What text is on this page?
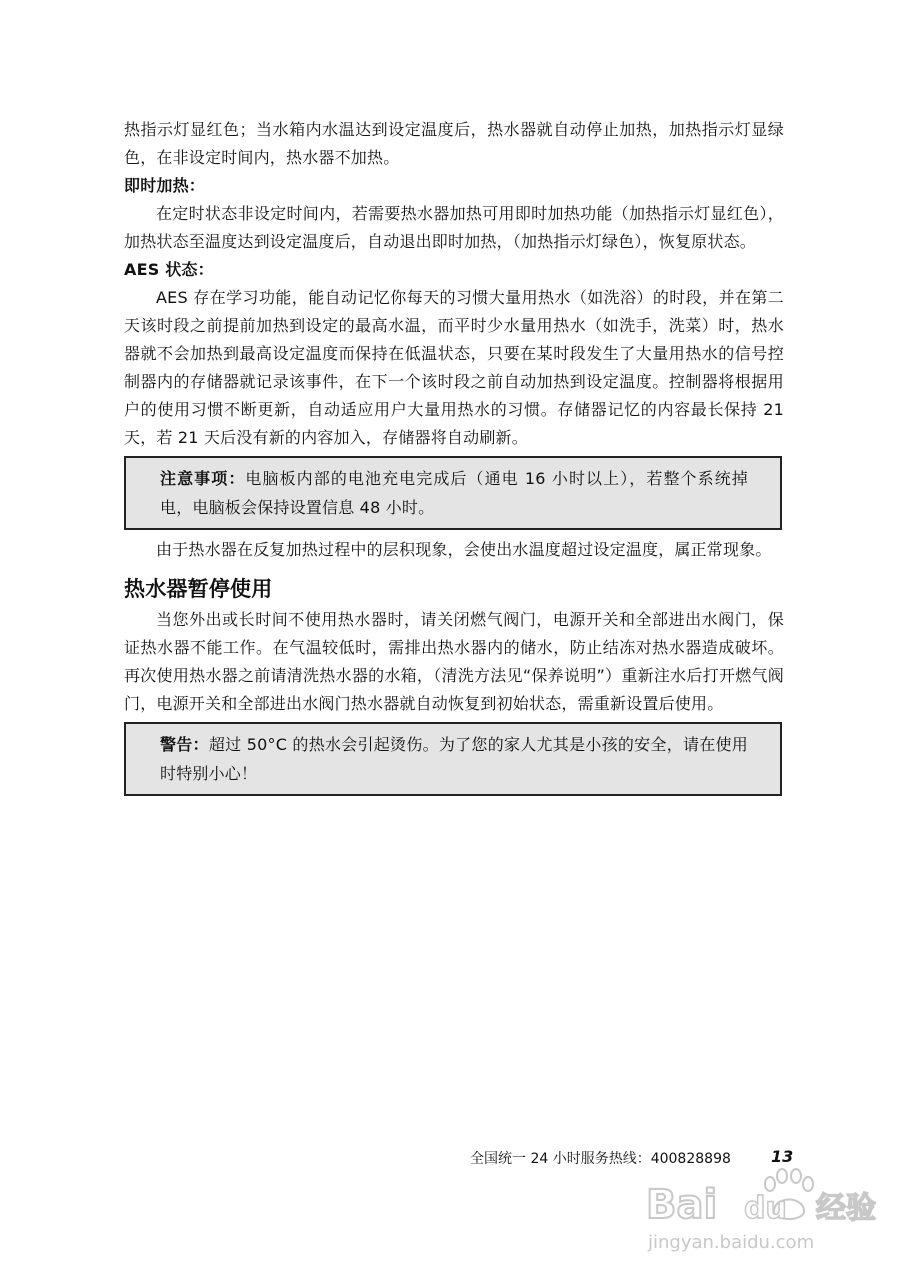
热指示灯显红色；当水箱内水温达到设定温度后，热水器就自动停止加热，加热指示灯显绿色，在非设定时间内，热水器不加热。

即时加热：

在定时状态非设定时间内，若需要热水器加热可用即时加热功能（加热指示灯显红色），加热状态至温度达到设定温度后，自动退出即时加热，（加热指示灯绿色），恢复原状态。

AES 状态：

AES 存在学习功能，能自动记忆你每天的习惯大量用热水（如洗浴）的时段，并在第二天该时段之前提前加热到设定的最高水温，而平时少水量用热水（如洗手，洗菜）时，热水器就不会加热到最高设定温度而保持在低温状态，只要在某时段发生了大量用热水的信号控制器内的存储器就记录该事件，在下一个该时段之前自动加热到设定温度。控制器将根据用户的使用习惯不断更新，自动适应用户大量用热水的习惯。存储器记忆的内容最长保持 21 天，若 21 天后没有新的内容加入，存储器将自动刷新。

注意事项：电脑板内部的电池充电完成后（通电 16 小时以上），若整个系统掉电，电脑板会保持设置信息 48 小时。

由于热水器在反复加热过程中的层积现象，会使出水温度超过设定温度，属正常现象。

热水器暂停使用

当您外出或长时间不使用热水器时，请关闭燃气阀门，电源开关和全部进出水阀门，保证热水器不能工作。在气温较低时，需排出热水器内的储水，防止结冻对热水器造成破坏。再次使用热水器之前请清洗热水器的水箱，（清洗方法见“保养说明”）重新注水后打开燃气阀门，电源开关和全部进出水阀门热水器就自动恢复到初始状态，需重新设置后使用。

警告：超过 50°C 的热水会引起烫伤。为了您的家人尤其是小孩的安全，请在使用时特别小心！

全国统一 24 小时服务热线：400828898	13
Bai du 经验
jingyan.baidu.com
